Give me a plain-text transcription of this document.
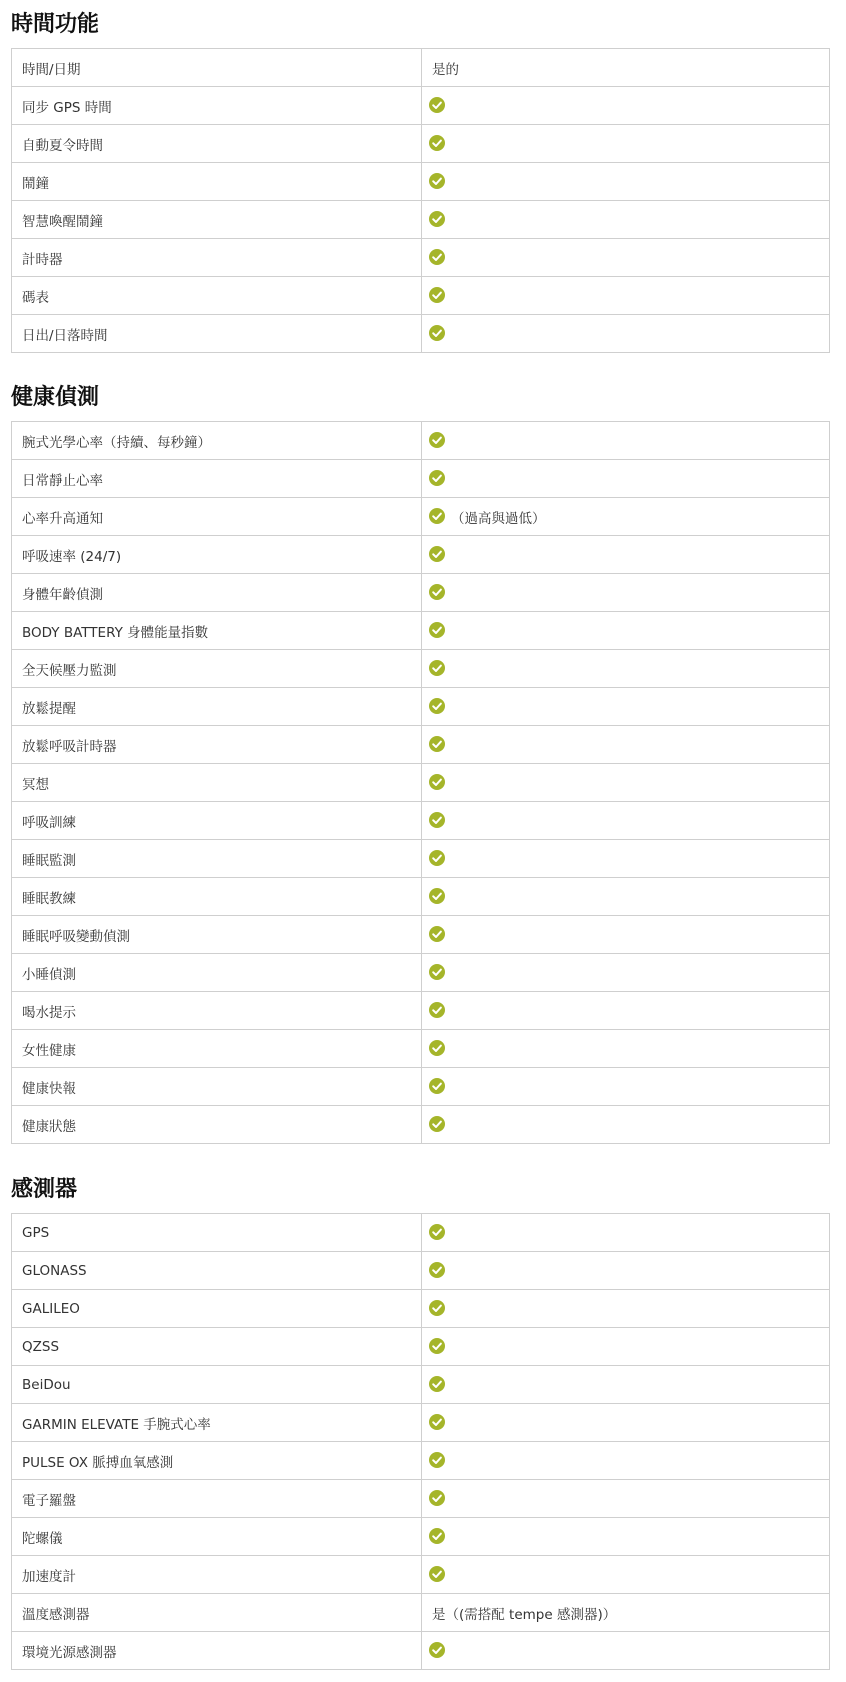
時間功能
時間/日期	是的
同步 GPS 時間	

自動夏令時間	

鬧鐘	

智慧喚醒鬧鐘	

計時器	

碼表	

日出/日落時間	
健康偵測
腕式光學心率（持續、每秒鐘）	

日常靜止心率	

心率升高通知	（過高與過低）
呼吸速率 (24/7)	

身體年齡偵測	

BODY BATTERY 身體能量指數	

全天候壓力監測	

放鬆提醒	

放鬆呼吸計時器	

冥想	

呼吸訓練	

睡眠監測	

睡眠教練	

睡眠呼吸變動偵測	

小睡偵測	

喝水提示	

女性健康	

健康快報	

健康狀態	
感測器
GPS	

GLONASS	

GALILEO	

QZSS	

BeiDou	

GARMIN ELEVATE 手腕式心率	

PULSE OX 脈搏血氧感測	

電子羅盤	

陀螺儀	

加速度計	

溫度感測器	是（(需搭配 tempe 感測器)）
環境光源感測器	
